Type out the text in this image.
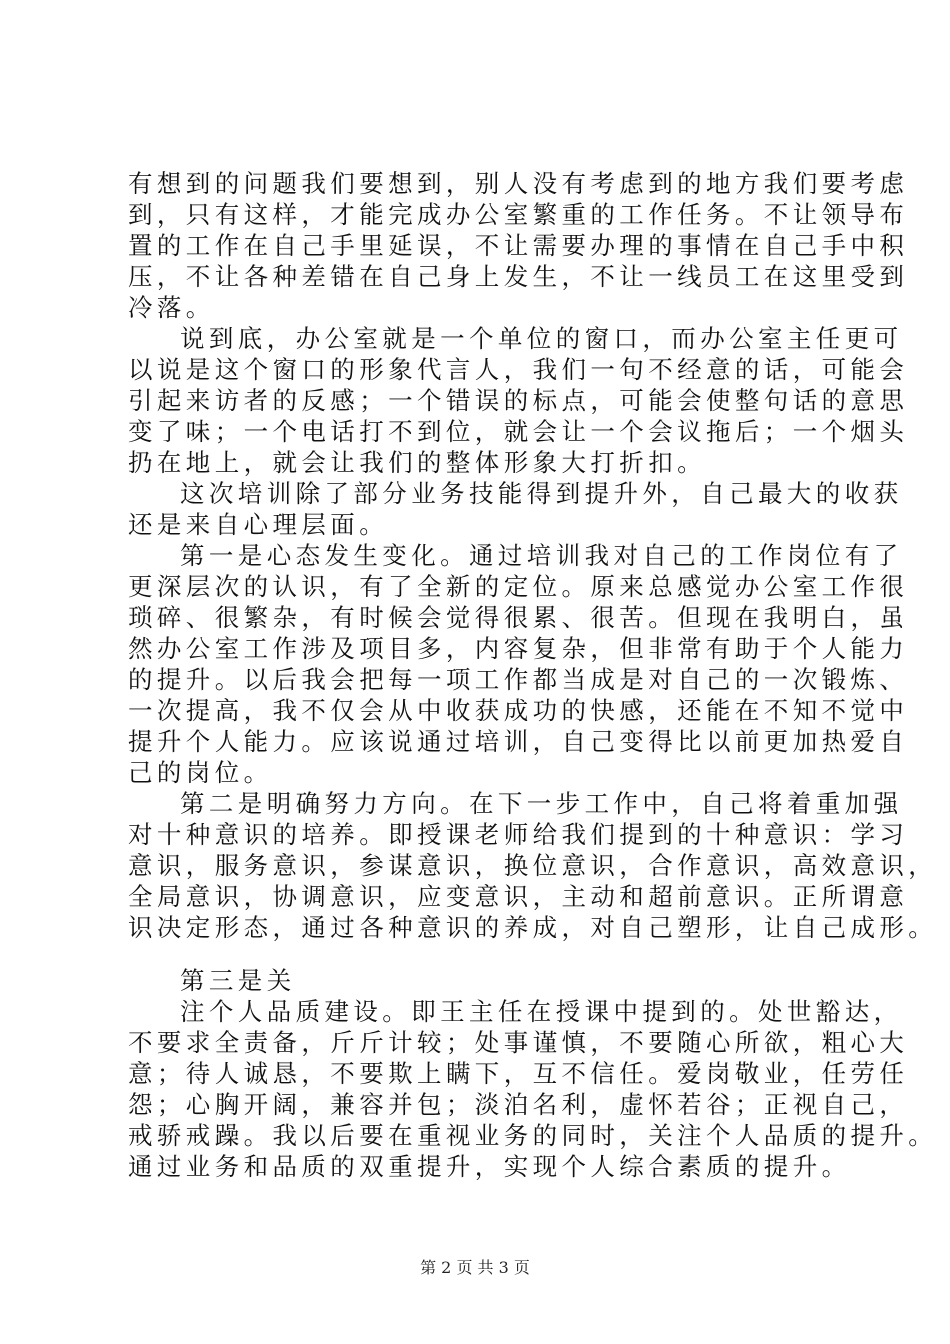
有想到的问题我们要想到，别人没有考虑到的地方我们要考虑
到，只有这样，才能完成办公室繁重的工作任务。不让领导布
置的工作在自己手里延误，不让需要办理的事情在自己手中积
压，不让各种差错在自己身上发生，不让一线员工在这里受到
冷落。
说到底，办公室就是一个单位的窗口，而办公室主任更可
以说是这个窗口的形象代言人，我们一句不经意的话，可能会
引起来访者的反感；一个错误的标点，可能会使整句话的意思
变了味；一个电话打不到位，就会让一个会议拖后；一个烟头
扔在地上，就会让我们的整体形象大打折扣。
这次培训除了部分业务技能得到提升外，自己最大的收获
还是来自心理层面。
第一是心态发生变化。通过培训我对自己的工作岗位有了
更深层次的认识，有了全新的定位。原来总感觉办公室工作很
琐碎、很繁杂，有时候会觉得很累、很苦。但现在我明白，虽
然办公室工作涉及项目多，内容复杂，但非常有助于个人能力
的提升。以后我会把每一项工作都当成是对自己的一次锻炼、
一次提高，我不仅会从中收获成功的快感，还能在不知不觉中
提升个人能力。应该说通过培训，自己变得比以前更加热爱自
己的岗位。
第二是明确努力方向。在下一步工作中，自己将着重加强
对十种意识的培养。即授课老师给我们提到的十种意识：学习
意识，服务意识，参谋意识，换位意识，合作意识，高效意识，
全局意识，协调意识，应变意识，主动和超前意识。正所谓意
识决定形态，通过各种意识的养成，对自己塑形，让自己成形。
第三是关
注个人品质建设。即王主任在授课中提到的。处世豁达，
不要求全责备，斤斤计较；处事谨慎，不要随心所欲，粗心大
意；待人诚恳，不要欺上瞒下，互不信任。爱岗敬业，任劳任
怨；心胸开阔，兼容并包；淡泊名利，虚怀若谷；正视自己，
戒骄戒躁。我以后要在重视业务的同时，关注个人品质的提升。
通过业务和品质的双重提升，实现个人综合素质的提升。
第 2 页 共 3 页
